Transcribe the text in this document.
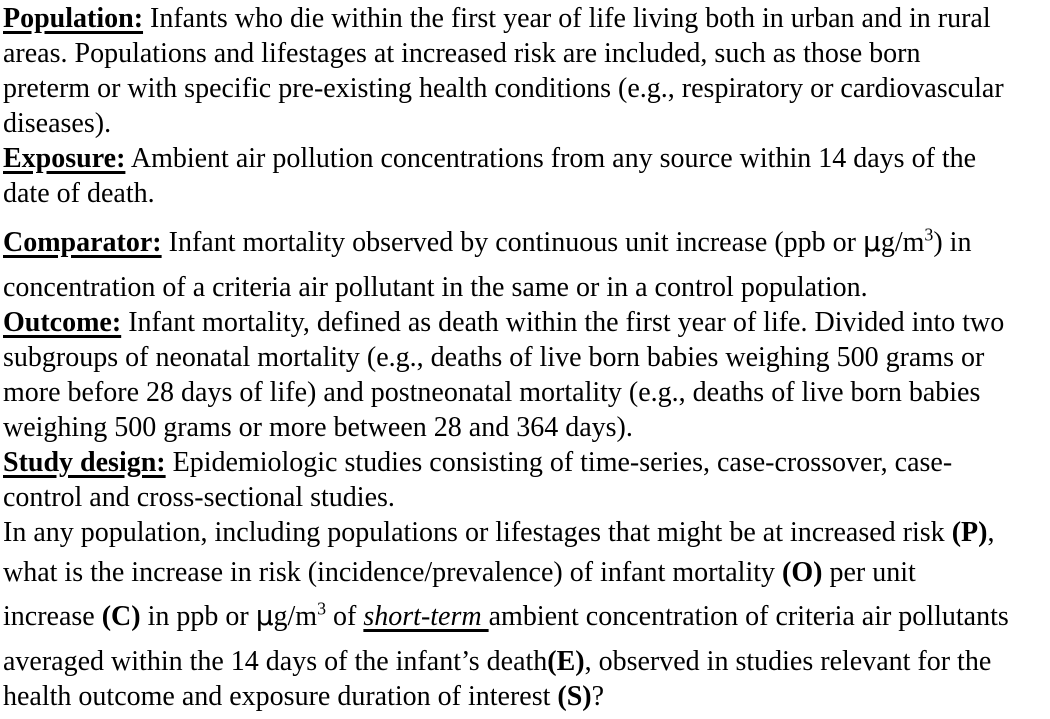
Population: Infants who die within the first year of life living both in urban and in rural
areas. Populations and lifestages at increased risk are included, such as those born
preterm or with specific pre-existing health conditions (e.g., respiratory or cardiovascular
diseases).
Exposure: Ambient air pollution concentrations from any source within 14 days of the
date of death.
Comparator: Infant mortality observed by continuous unit increase (ppb or $\mu g/m^3$) in
concentration of a criteria air pollutant in the same or in a control population.
Outcome: Infant mortality, defined as death within the first year of life. Divided into two
subgroups of neonatal mortality (e.g., deaths of live born babies weighing 500 grams or
more before 28 days of life) and postneonatal mortality (e.g., deaths of live born babies
weighing 500 grams or more between 28 and 364 days).
Study design: Epidemiologic studies consisting of time-series, case-crossover, case-
control and cross-sectional studies.
In any population, including populations or lifestages that might be at increased risk (P),
what is the increase in risk (incidence/prevalence) of infant mortality (O) per unit
increase (C) in ppb or $\mu g/m^3$ of short-term ambient concentration of criteria air pollutants
averaged within the 14 days of the infant’s death(E), observed in studies relevant for the
health outcome and exposure duration of interest (S)?
